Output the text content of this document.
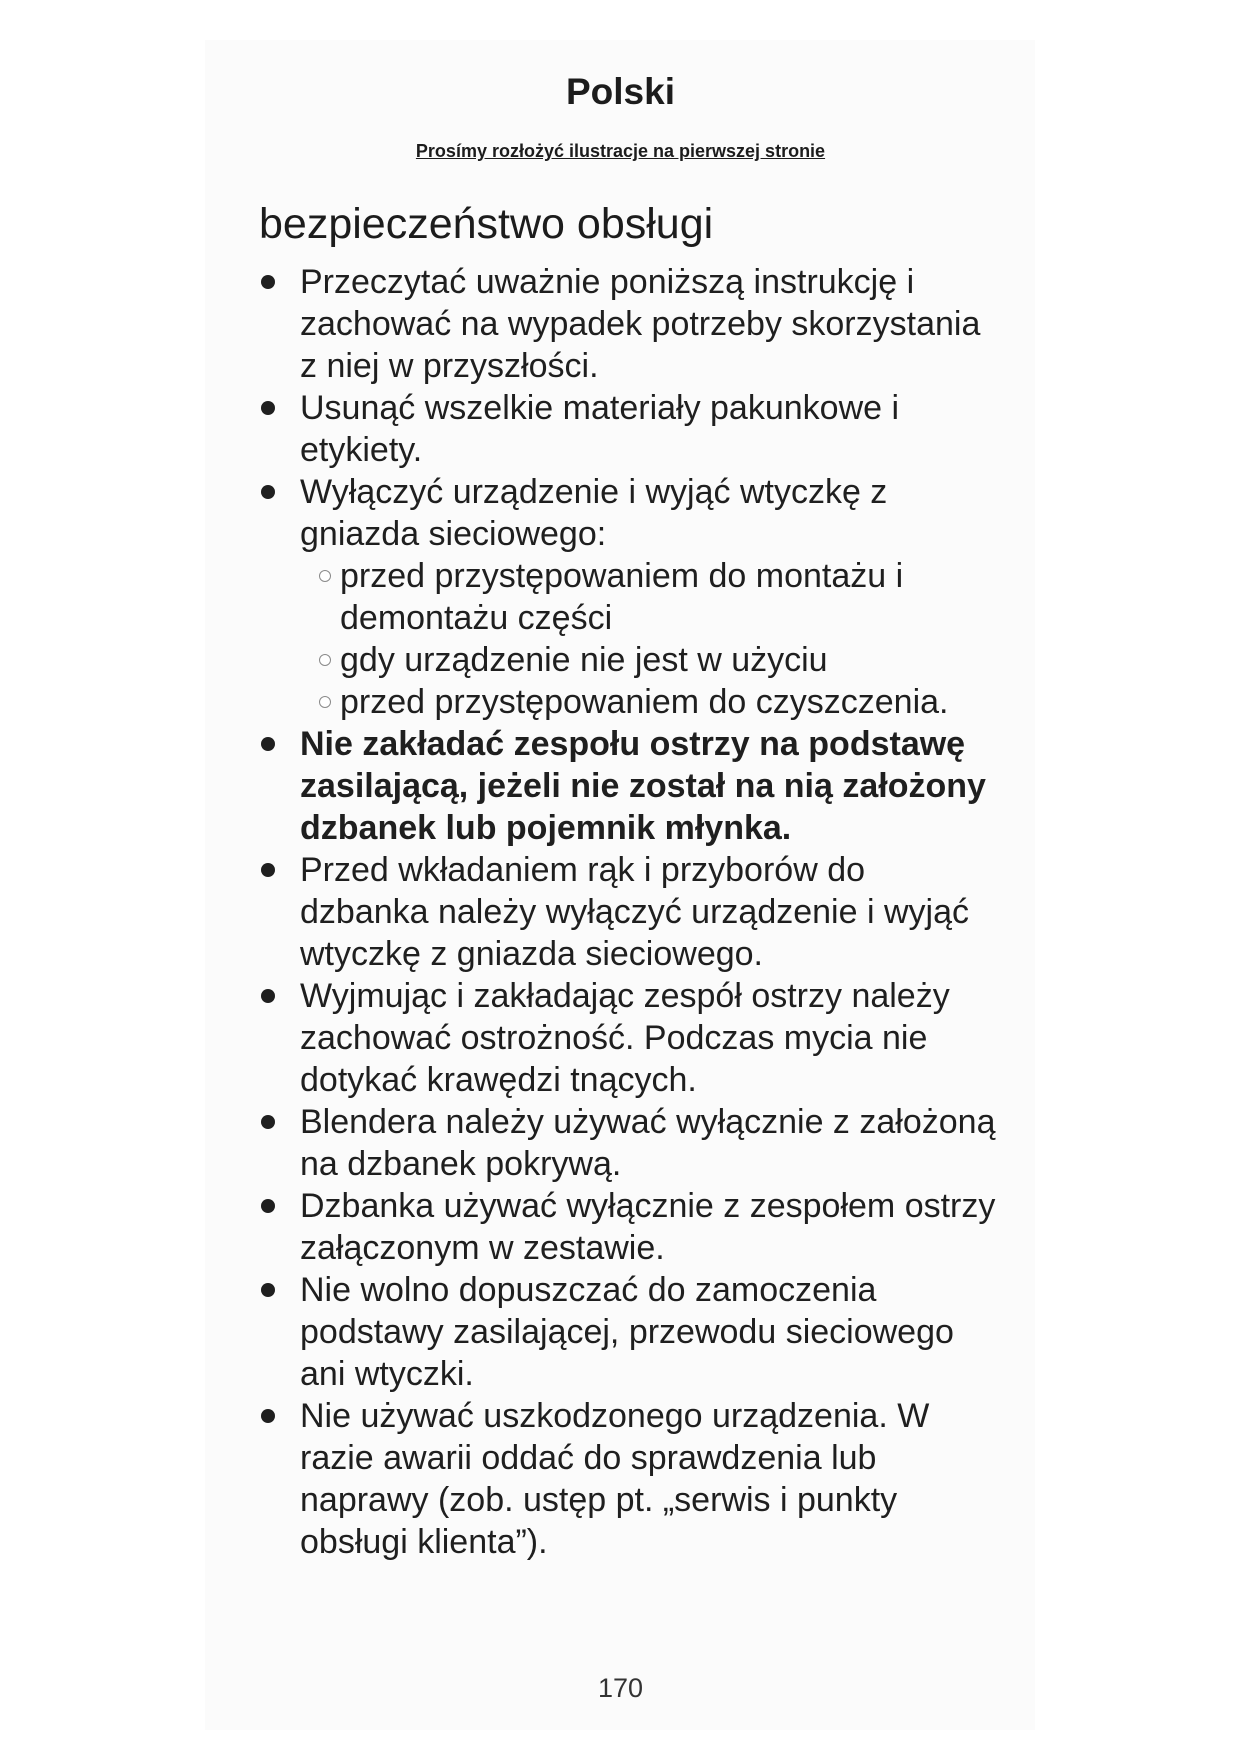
Polski
Prosímy rozłożyć ilustracje na pierwszej stronie
bezpieczeństwo obsługi
Przeczytać uważnie poniższą instrukcję i zachować na wypadek potrzeby skorzystania z niej w przyszłości.
Usunąć wszelkie materiały pakunkowe i etykiety.
Wyłączyć urządzenie i wyjąć wtyczkę z gniazda sieciowego:
przed przystępowaniem do montażu i demontażu części
gdy urządzenie nie jest w użyciu
przed przystępowaniem do czyszczenia.
Nie zakładać zespołu ostrzy na podstawę zasilającą, jeżeli nie został na nią założony dzbanek lub pojemnik młynka.
Przed wkładaniem rąk i przyborów do dzbanka należy wyłączyć urządzenie i wyjąć wtyczkę z gniazda sieciowego.
Wyjmując i zakładając zespół ostrzy należy zachować ostrożność. Podczas mycia nie dotykać krawędzi tnących.
Blendera należy używać wyłącznie z założoną na dzbanek pokrywą.
Dzbanka używać wyłącznie z zespołem ostrzy załączonym w zestawie.
Nie wolno dopuszczać do zamoczenia podstawy zasilającej, przewodu sieciowego ani wtyczki.
Nie używać uszkodzonego urządzenia. W razie awarii oddać do sprawdzenia lub naprawy (zob. ustęp pt. „serwis i punkty obsługi klienta”).
170
